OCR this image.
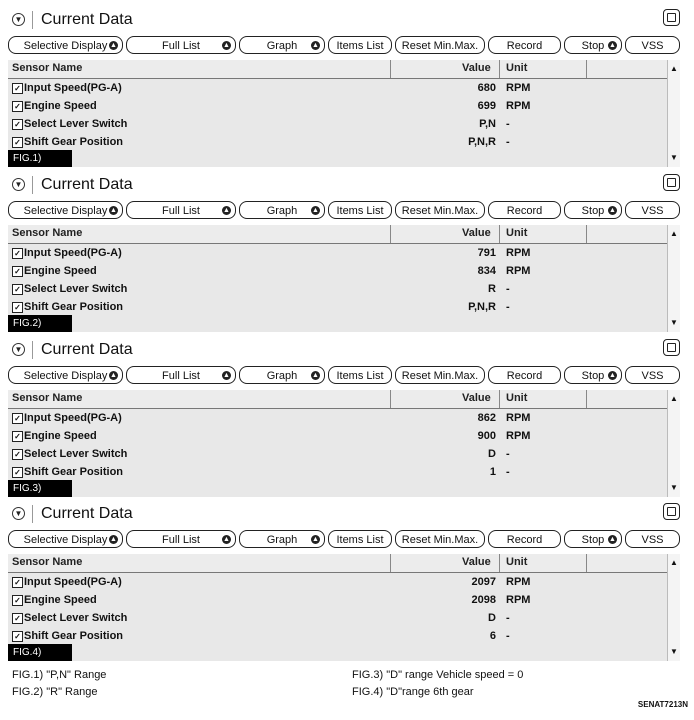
▼ Current Data
Selective Display ▲	Full List	▲	Graph ▲	Items List	Reset Min.Max.	Record	Stop ▲	VSS
Sensor Name	Value Unit
✓ Input Speed(PG-A)	680 RPM
✓ Engine Speed	699 RPM
✓ Select Lever Switch	P,N -
✓ Shift Gear Position	P,N,R -
▲
▼
FIG.1)
▼ Current Data
Selective Display ▲	Full List	▲	Graph ▲	Items List	Reset Min.Max.	Record	Stop ▲	VSS
Sensor Name	Value Unit
✓ Input Speed(PG-A)	791 RPM
✓ Engine Speed	834 RPM
✓ Select Lever Switch	R -
✓ Shift Gear Position	P,N,R -
▲
▼
FIG.2)
▼ Current Data
Selective Display ▲	Full List	▲	Graph ▲	Items List	Reset Min.Max.	Record	Stop ▲	VSS
Sensor Name	Value Unit
✓ Input Speed(PG-A)	862 RPM
✓ Engine Speed	900 RPM
✓ Select Lever Switch	D -
✓ Shift Gear Position	1 -
▲
▼
FIG.3)
▼ Current Data
Selective Display ▲	Full List	▲	Graph ▲	Items List	Reset Min.Max.	Record	Stop ▲	VSS
Sensor Name	Value Unit
✓ Input Speed(PG-A)	2097 RPM
✓ Engine Speed	2098 RPM
✓ Select Lever Switch	D -
✓ Shift Gear Position	6 -
▲
▼
FIG.4)
FIG.1) "P,N" Range
FIG.2) "R" Range
FIG.3) "D" range Vehicle speed = 0
FIG.4) "D"range 6th gear
SENAT7213N
